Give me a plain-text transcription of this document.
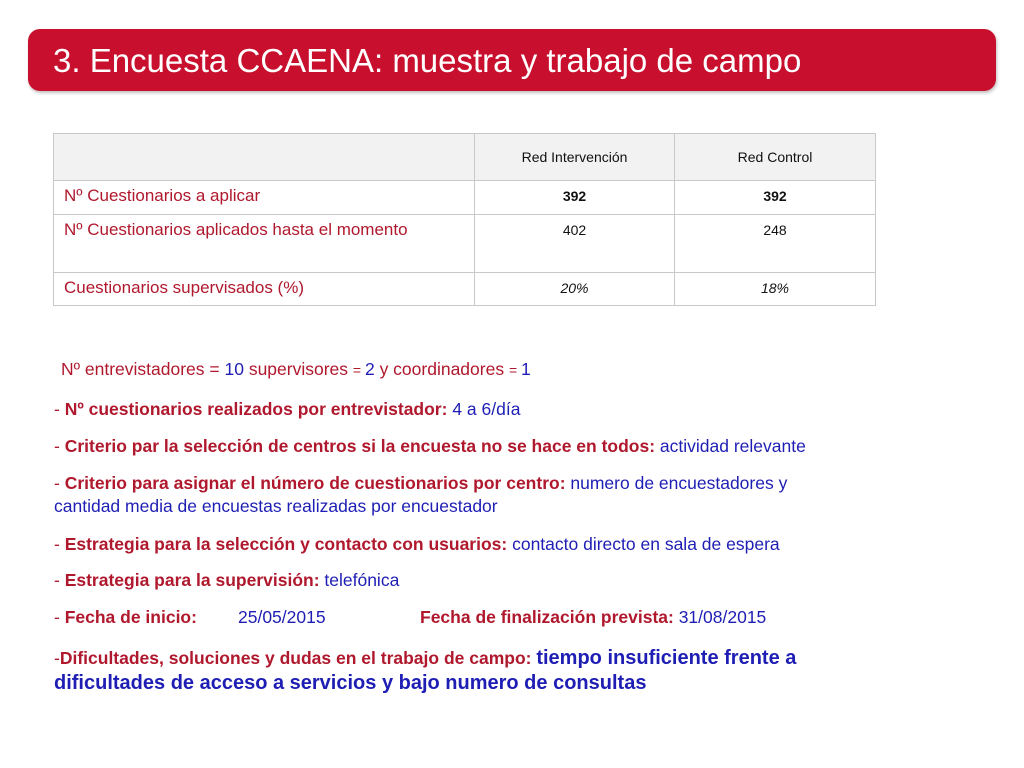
3. Encuesta CCAENA: muestra y trabajo de campo
	Red Intervención	Red Control
Nº Cuestionarios a aplicar	392	392
Nº Cuestionarios aplicados hasta el momento	402	248
Cuestionarios supervisados (%)	20%	18%
Nº entrevistadores = 10 supervisores = 2 y coordinadores = 1
- Nº cuestionarios realizados por entrevistador: 4 a 6/día
- Criterio par la selección de centros si la encuesta no se hace en todos: actividad relevante
- Criterio para asignar el número de cuestionarios por centro: numero de encuestadores y
cantidad media de encuestas realizadas por encuestador
- Estrategia para la selección y contacto con usuarios: contacto directo en sala de espera
- Estrategia para la supervisión: telefónica
- Fecha de inicio: 25/05/2015	Fecha de finalización prevista: 31/08/2015
-Dificultades, soluciones y dudas en el trabajo de campo: tiempo insuficiente frente a
dificultades de acceso a servicios y bajo numero de consultas
